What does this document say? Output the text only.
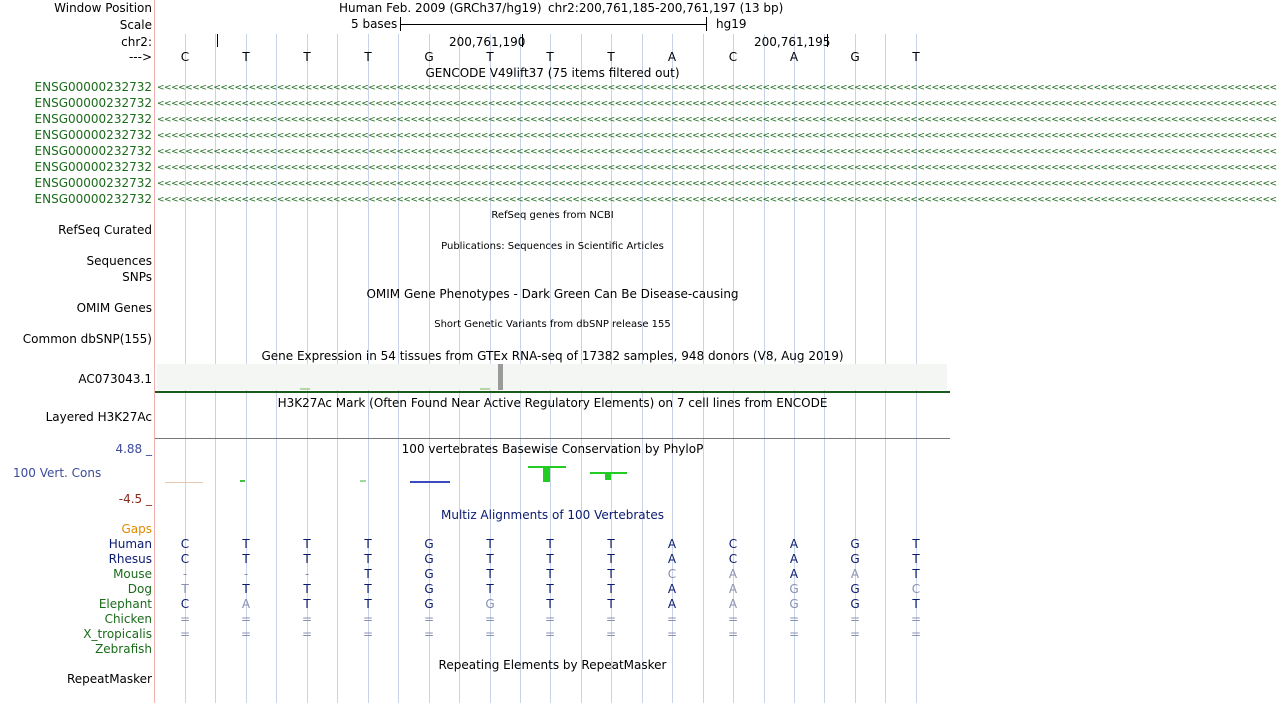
Window Position
Scale
chr2:
--->
Human Feb. 2009 (GRCh37/hg19) chr2:200,761,185-200,761,197 (13 bp)
5 bases	hg19
200,761,190	200,761,195
C	T	T	T	G	T	T	T	A	C	A	G	T
GENCODE V49lift37 (75 items filtered out)
ENSG00000232732 <<<<<<<<<<<<<<<<<<<<<<<<<<<<<<<<<<<<<<<<<<<<<<<<<<<<<<<<<<<<<<<<<<<<<<<<<<<<<<<<<<<<<<<<<<<<<<<<<<<<<<<<<<<<<<<<<<<<<<<<<<<<<<<<<<<<<<<<<<<<<<<<<<<<<<<<<<<<<<<
ENSG00000232732 <<<<<<<<<<<<<<<<<<<<<<<<<<<<<<<<<<<<<<<<<<<<<<<<<<<<<<<<<<<<<<<<<<<<<<<<<<<<<<<<<<<<<<<<<<<<<<<<<<<<<<<<<<<<<<<<<<<<<<<<<<<<<<<<<<<<<<<<<<<<<<<<<<<<<<<<<<<<<<<
ENSG00000232732 <<<<<<<<<<<<<<<<<<<<<<<<<<<<<<<<<<<<<<<<<<<<<<<<<<<<<<<<<<<<<<<<<<<<<<<<<<<<<<<<<<<<<<<<<<<<<<<<<<<<<<<<<<<<<<<<<<<<<<<<<<<<<<<<<<<<<<<<<<<<<<<<<<<<<<<<<<<<<<<
ENSG00000232732 <<<<<<<<<<<<<<<<<<<<<<<<<<<<<<<<<<<<<<<<<<<<<<<<<<<<<<<<<<<<<<<<<<<<<<<<<<<<<<<<<<<<<<<<<<<<<<<<<<<<<<<<<<<<<<<<<<<<<<<<<<<<<<<<<<<<<<<<<<<<<<<<<<<<<<<<<<<<<<<
ENSG00000232732 <<<<<<<<<<<<<<<<<<<<<<<<<<<<<<<<<<<<<<<<<<<<<<<<<<<<<<<<<<<<<<<<<<<<<<<<<<<<<<<<<<<<<<<<<<<<<<<<<<<<<<<<<<<<<<<<<<<<<<<<<<<<<<<<<<<<<<<<<<<<<<<<<<<<<<<<<<<<<<<
ENSG00000232732 <<<<<<<<<<<<<<<<<<<<<<<<<<<<<<<<<<<<<<<<<<<<<<<<<<<<<<<<<<<<<<<<<<<<<<<<<<<<<<<<<<<<<<<<<<<<<<<<<<<<<<<<<<<<<<<<<<<<<<<<<<<<<<<<<<<<<<<<<<<<<<<<<<<<<<<<<<<<<<<
ENSG00000232732 <<<<<<<<<<<<<<<<<<<<<<<<<<<<<<<<<<<<<<<<<<<<<<<<<<<<<<<<<<<<<<<<<<<<<<<<<<<<<<<<<<<<<<<<<<<<<<<<<<<<<<<<<<<<<<<<<<<<<<<<<<<<<<<<<<<<<<<<<<<<<<<<<<<<<<<<<<<<<<<
ENSG00000232732 <<<<<<<<<<<<<<<<<<<<<<<<<<<<<<<<<<<<<<<<<<<<<<<<<<<<<<<<<<<<<<<<<<<<<<<<<<<<<<<<<<<<<<<<<<<<<<<<<<<<<<<<<<<<<<<<<<<<<<<<<<<<<<<<<<<<<<<<<<<<<<<<<<<<<<<<<<<<<<<
RefSeq genes from NCBI
RefSeq Curated
Publications: Sequences in Scientific Articles
Sequences
SNPs
OMIM Gene Phenotypes - Dark Green Can Be Disease-causing
OMIM Genes
Short Genetic Variants from dbSNP release 155
Common dbSNP(155)
Gene Expression in 54 tissues from GTEx RNA-seq of 17382 samples, 948 donors (V8, Aug 2019)
AC073043.1
H3K27Ac Mark (Often Found Near Active Regulatory Elements) on 7 cell lines from ENCODE
Layered H3K27Ac
100 vertebrates Basewise Conservation by PhyloP
4.88 _
100 Vert. Cons
-4.5 _
Multiz Alignments of 100 Vertebrates
Gaps
Human	C	T	T	T	G	T	T	T	A	C	A	G	T
Rhesus	C	T	T	T	G	T	T	T	A	C	A	G	T
Mouse	-	-	-	T	G	T	T	T	C	A	A	A	T
Dog	T	T	T	T	G	T	T	T	A	A	G	G	C
Elephant	C	A	T	T	G	G	T	T	A	A	G	G	T
Chicken	=	=	=	=	=	=	=	=	=	=	=	=	=
X_tropicalis	=	=	=	=	=	=	=	=	=	=	=	=	=
Zebrafish
Repeating Elements by RepeatMasker
RepeatMasker
